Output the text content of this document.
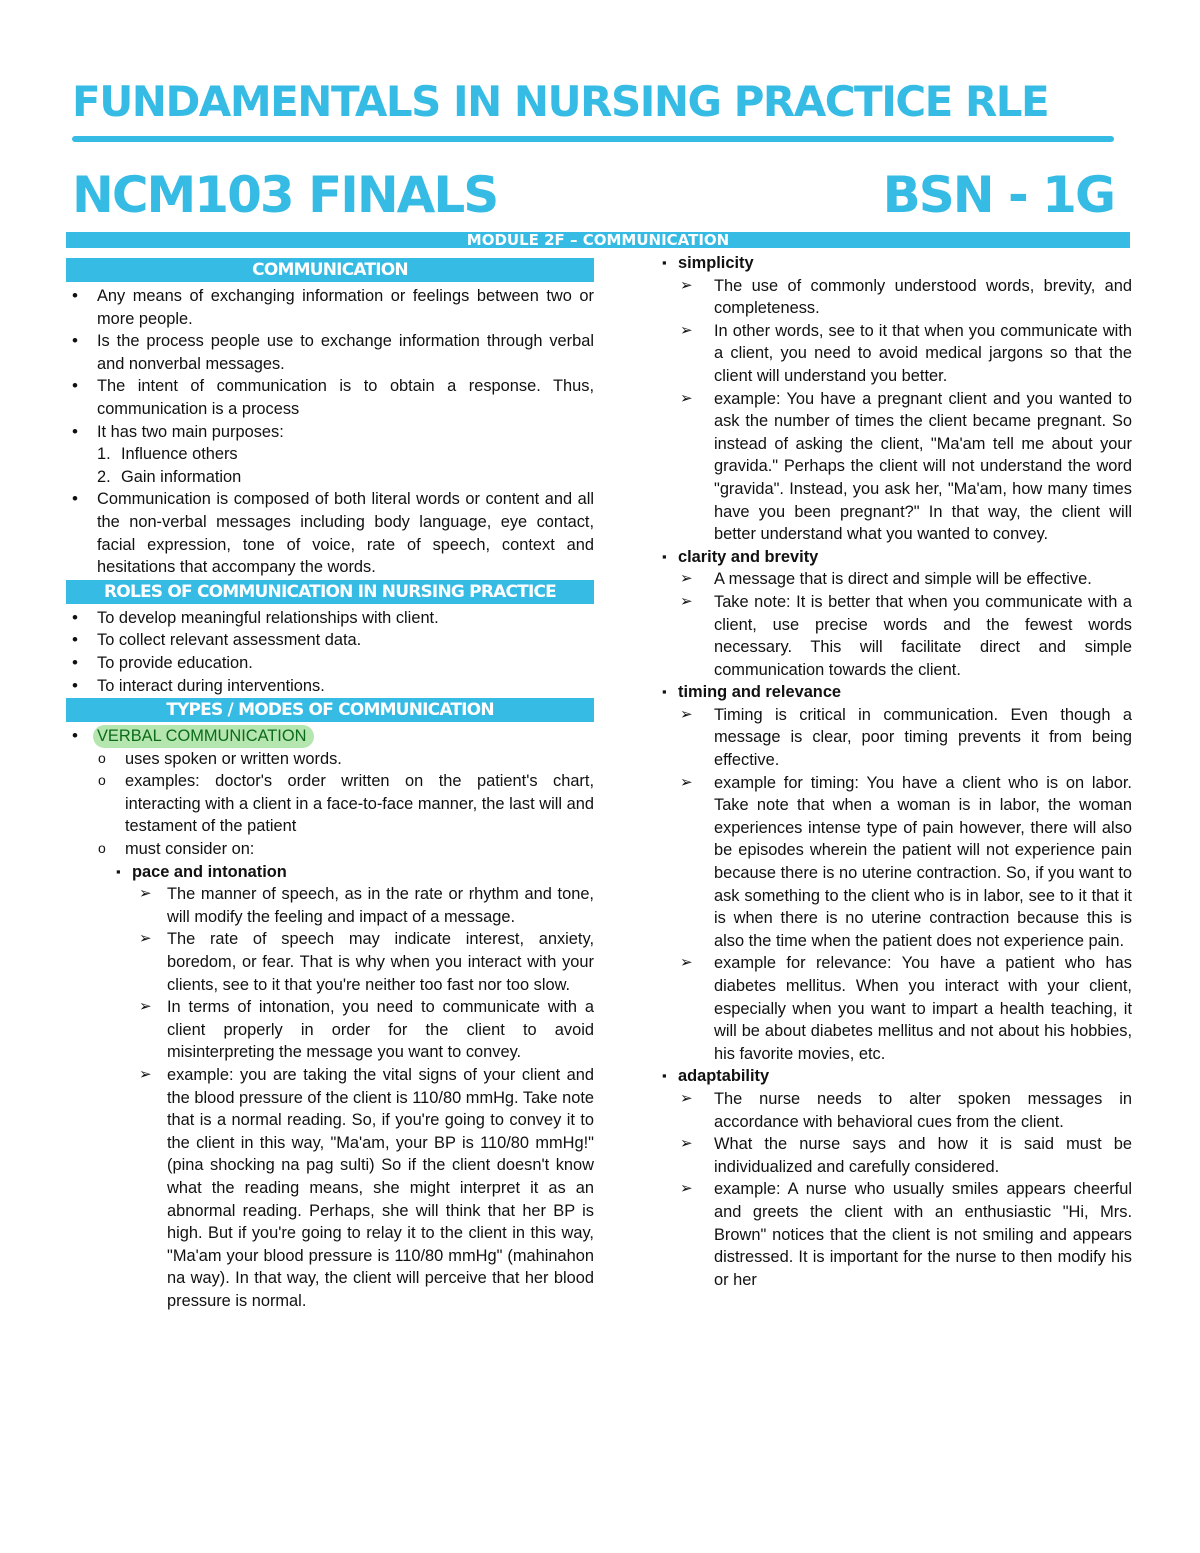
FUNDAMENTALS IN NURSING PRACTICE RLE
NCM103 FINALS	BSN - 1G
MODULE 2F – COMMUNICATION
COMMUNICATION
• Any means of exchanging information or feelings between two or more people.
• Is the process people use to exchange information through verbal and nonverbal messages.
• The intent of communication is to obtain a response. Thus, communication is a process
• It has two main purposes:
1. Influence others
2. Gain information
• Communication is composed of both literal words or content and all the non-verbal messages including body language, eye contact, facial expression, tone of voice, rate of speech, context and hesitations that accompany the words.
ROLES OF COMMUNICATION IN NURSING PRACTICE
• To develop meaningful relationships with client.
• To collect relevant assessment data.
• To provide education.
• To interact during interventions.
TYPES / MODES OF COMMUNICATION
• VERBAL COMMUNICATION
o uses spoken or written words.
o examples: doctor's order written on the patient's chart, interacting with a client in a face-to-face manner, the last will and testament of the patient
o must consider on:
▪ pace and intonation
➢ The manner of speech, as in the rate or rhythm and tone, will modify the feeling and impact of a message.
➢ The rate of speech may indicate interest, anxiety, boredom, or fear. That is why when you interact with your clients, see to it that you're neither too fast nor too slow.
➢ In terms of intonation, you need to communicate with a client properly in order for the client to avoid misinterpreting the message you want to convey.
➢ example: you are taking the vital signs of your client and the blood pressure of the client is 110/80 mmHg. Take note that is a normal reading. So, if you're going to convey it to the client in this way, "Ma'am, your BP is 110/80 mmHg!" (pina shocking na pag sulti) So if the client doesn't know what the reading means, she might interpret it as an abnormal reading. Perhaps, she will think that her BP is high. But if you're going to relay it to the client in this way, "Ma'am your blood pressure is 110/80 mmHg" (mahinahon na way). In that way, the client will perceive that her blood pressure is normal.
▪ simplicity
➢ The use of commonly understood words, brevity, and completeness.
➢ In other words, see to it that when you communicate with a client, you need to avoid medical jargons so that the client will understand you better.
➢ example: You have a pregnant client and you wanted to ask the number of times the client became pregnant. So instead of asking the client, "Ma'am tell me about your gravida." Perhaps the client will not understand the word "gravida". Instead, you ask her, "Ma'am, how many times have you been pregnant?" In that way, the client will better understand what you wanted to convey.
▪ clarity and brevity
➢ A message that is direct and simple will be effective.
➢ Take note: It is better that when you communicate with a client, use precise words and the fewest words necessary. This will facilitate direct and simple communication towards the client.
▪ timing and relevance
➢ Timing is critical in communication. Even though a message is clear, poor timing prevents it from being effective.
➢ example for timing: You have a client who is on labor. Take note that when a woman is in labor, the woman experiences intense type of pain however, there will also be episodes wherein the patient will not experience pain because there is no uterine contraction. So, if you want to ask something to the client who is in labor, see to it that it is when there is no uterine contraction because this is also the time when the patient does not experience pain.
➢ example for relevance: You have a patient who has diabetes mellitus. When you interact with your client, especially when you want to impart a health teaching, it will be about diabetes mellitus and not about his hobbies, his favorite movies, etc.
▪ adaptability
➢ The nurse needs to alter spoken messages in accordance with behavioral cues from the client.
➢ What the nurse says and how it is said must be individualized and carefully considered.
➢ example: A nurse who usually smiles appears cheerful and greets the client with an enthusiastic "Hi, Mrs. Brown" notices that the client is not smiling and appears distressed. It is important for the nurse to then modify his or her
